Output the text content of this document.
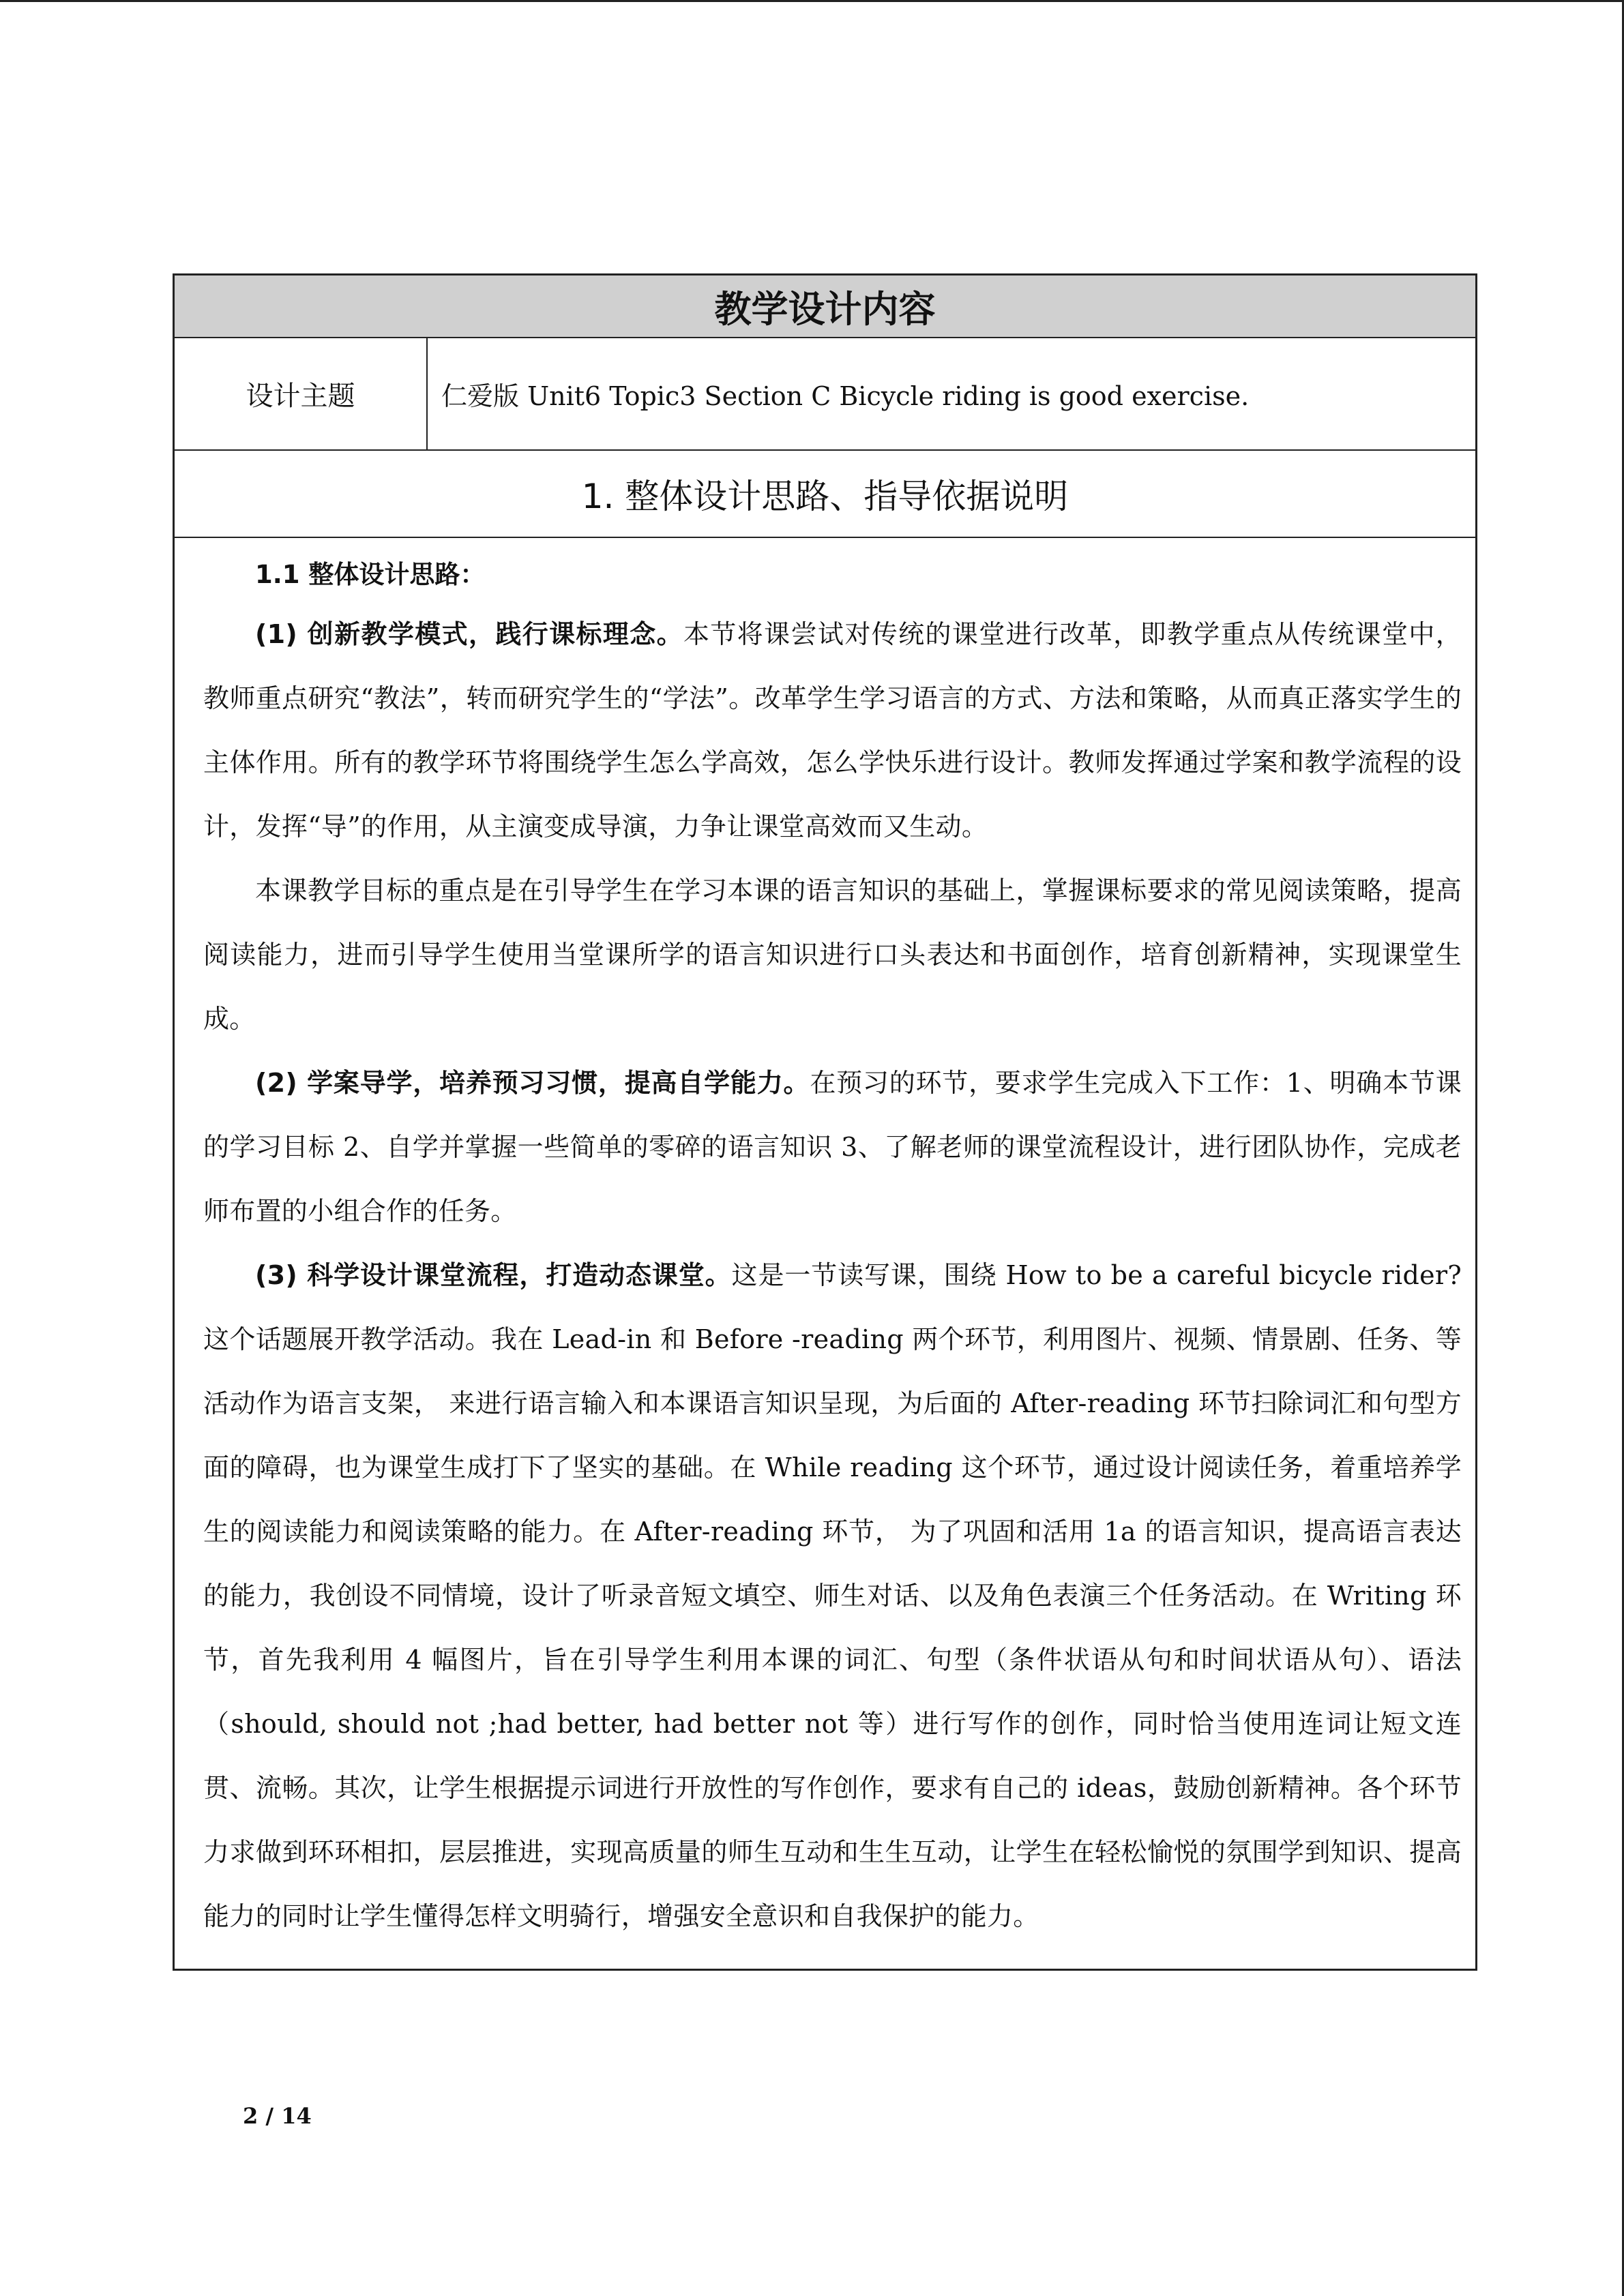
教学设计内容
设计主题	仁爱版 Unit6 Topic3 Section C Bicycle riding is good exercise.
1. 整体设计思路、指导依据说明
1.1 整体设计思路：

(1) 创新教学模式，践行课标理念。本节将课尝试对传统的课堂进行改革，即教学重点从传统课堂中， 教师重点研究“教法”，转而研究学生的“学法”。改革学生学习语言的方式、方法和策略，从而真正落实学生的主体作用。所有的教学环节将围绕学生怎么学高效，怎么学快乐进行设计。教师发挥通过学案和教学流程的设计，发挥“导”的作用，从主演变成导演，力争让课堂高效而又生动。

本课教学目标的重点是在引导学生在学习本课的语言知识的基础上，掌握课标要求的常见阅读策略，提高阅读能力，进而引导学生使用当堂课所学的语言知识进行口头表达和书面创作，培育创新精神，实现课堂生成。

(2) 学案导学，培养预习习惯，提高自学能力。在预习的环节，要求学生完成入下工作：1、明确本节课的学习目标 2、自学并掌握一些简单的零碎的语言知识 3、了解老师的课堂流程设计，进行团队协作，完成老师布置的小组合作的任务。

(3) 科学设计课堂流程，打造动态课堂。这是一节读写课，围绕 How to be a careful bicycle rider? 这个话题展开教学活动。我在 Lead-in 和 Before -reading 两个环节，利用图片、视频、情景剧、任务、等活动作为语言支架， 来进行语言输入和本课语言知识呈现，为后面的 After-reading 环节扫除词汇和句型方面的障碍，也为课堂生成打下了坚实的基础。在 While reading 这个环节，通过设计阅读任务，着重培养学生的阅读能力和阅读策略的能力。在 After-reading 环节， 为了巩固和活用 1a 的语言知识，提高语言表达的能力，我创设不同情境，设计了听录音短文填空、师生对话、以及角色表演三个任务活动。在 Writing 环节，首先我利用 4 幅图片，旨在引导学生利用本课的词汇、句型（条件状语从句和时间状语从句）、语法（should, should not ;had better, had better not 等）进行写作的创作，同时恰当使用连词让短文连贯、流畅。其次，让学生根据提示词进行开放性的写作创作，要求有自己的 ideas，鼓励创新精神。各个环节力求做到环环相扣，层层推进，实现高质量的师生互动和生生互动，让学生在轻松愉悦的氛围学到知识、提高能力的同时让学生懂得怎样文明骑行，增强安全意识和自我保护的能力。

2 / 14
